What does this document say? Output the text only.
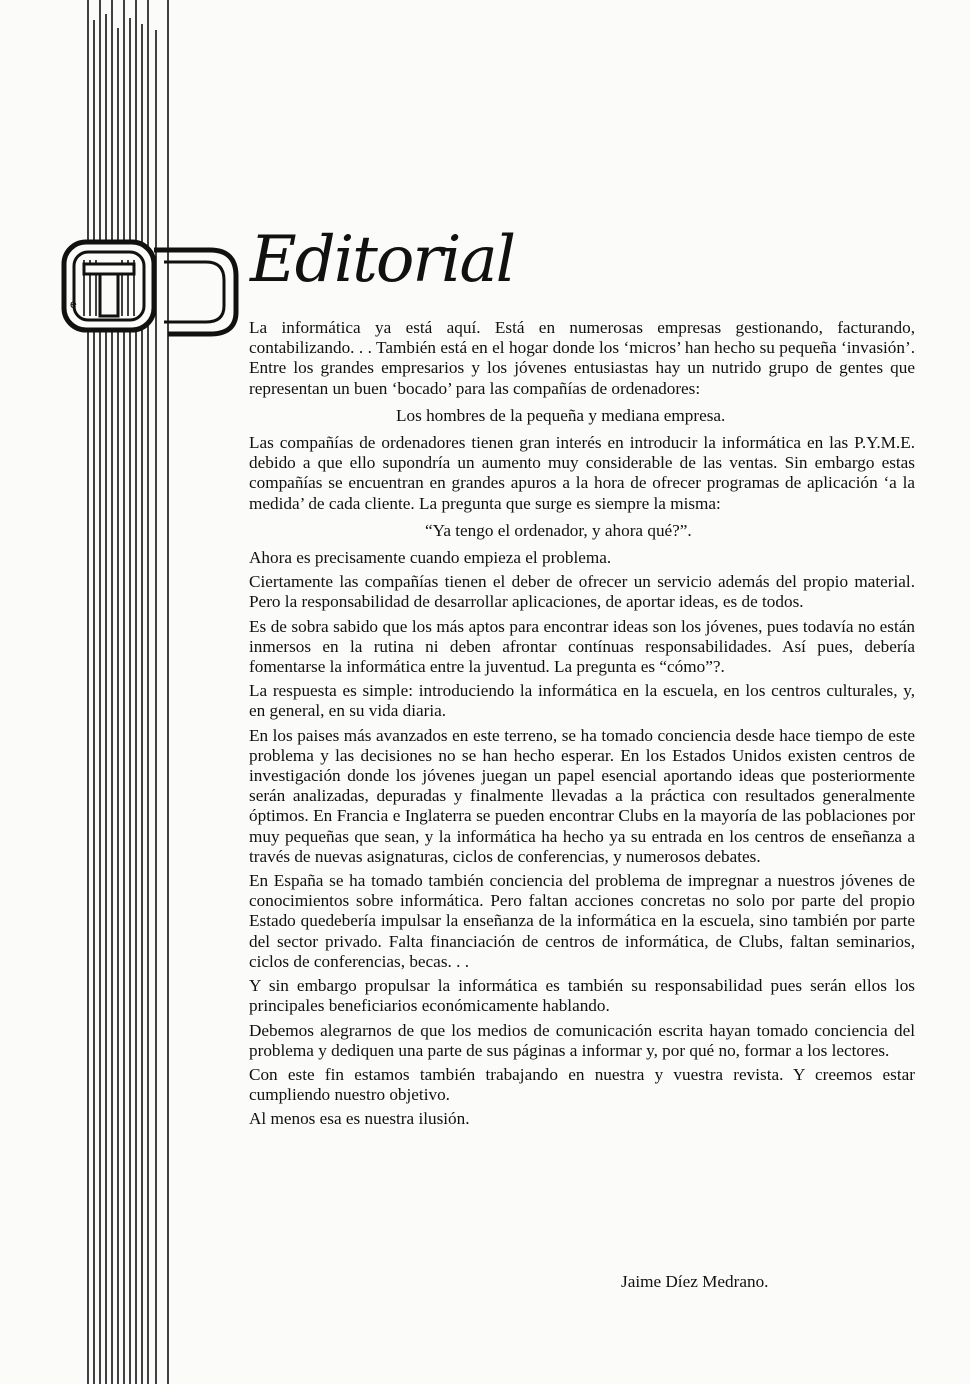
e
Editorial

La informática ya está aquí. Está en numerosas empresas gestionando, facturando, contabilizando. . . También está en el hogar donde los ‘micros’ han hecho su pequeña ‘invasión’. Entre los grandes empresarios y los jóvenes entusiastas hay un nutrido grupo de gentes que representan un buen ‘bocado’ para las compañías de ordenadores:

Los hombres de la pequeña y mediana empresa.

Las compañías de ordenadores tienen gran interés en introducir la informática en las P.Y.M.E. debido a que ello supondría un aumento muy considerable de las ventas. Sin embargo estas compañías se encuentran en grandes apuros a la hora de ofrecer programas de aplicación ‘a la medida’ de cada cliente. La pregunta que surge es siempre la misma:

“Ya tengo el ordenador, y ahora qué?”.

Ahora es precisamente cuando empieza el problema.

Ciertamente las compañías tienen el deber de ofrecer un servicio además del propio material. Pero la responsabilidad de desarrollar aplicaciones, de aportar ideas, es de todos.

Es de sobra sabido que los más aptos para encontrar ideas son los jóvenes, pues todavía no están inmersos en la rutina ni deben afrontar contínuas responsabilidades. Así pues, debería fomentarse la informática entre la juventud. La pregunta es “cómo”?.

La respuesta es simple: introduciendo la informática en la escuela, en los centros culturales, y, en general, en su vida diaria.

En los paises más avanzados en este terreno, se ha tomado conciencia desde hace tiempo de este problema y las decisiones no se han hecho esperar. En los Estados Unidos existen centros de investigación donde los jóvenes juegan un papel esencial aportando ideas que posteriormente serán analizadas, depuradas y finalmente llevadas a la práctica con resultados generalmente óptimos. En Francia e Inglaterra se pueden encontrar Clubs en la mayoría de las poblaciones por muy pequeñas que sean, y la informática ha hecho ya su entrada en los centros de enseñanza a través de nuevas asignaturas, ciclos de conferencias, y numerosos debates.

En España se ha tomado también conciencia del problema de impregnar a nuestros jóvenes de conocimientos sobre informática. Pero faltan acciones concretas no solo por parte del propio Estado quedebería impulsar la enseñanza de la informática en la escuela, sino también por parte del sector privado. Falta financiación de centros de informática, de Clubs, faltan seminarios, ciclos de conferencias, becas. . .

Y sin embargo propulsar la informática es también su responsabilidad pues serán ellos los principales beneficiarios económicamente hablando.

Debemos alegrarnos de que los medios de comunicación escrita hayan tomado conciencia del problema y dediquen una parte de sus páginas a informar y, por qué no, formar a los lectores.

Con este fin estamos también trabajando en nuestra y vuestra revista. Y creemos estar cumpliendo nuestro objetivo.

Al menos esa es nuestra ilusión.

Jaime Díez Medrano.
